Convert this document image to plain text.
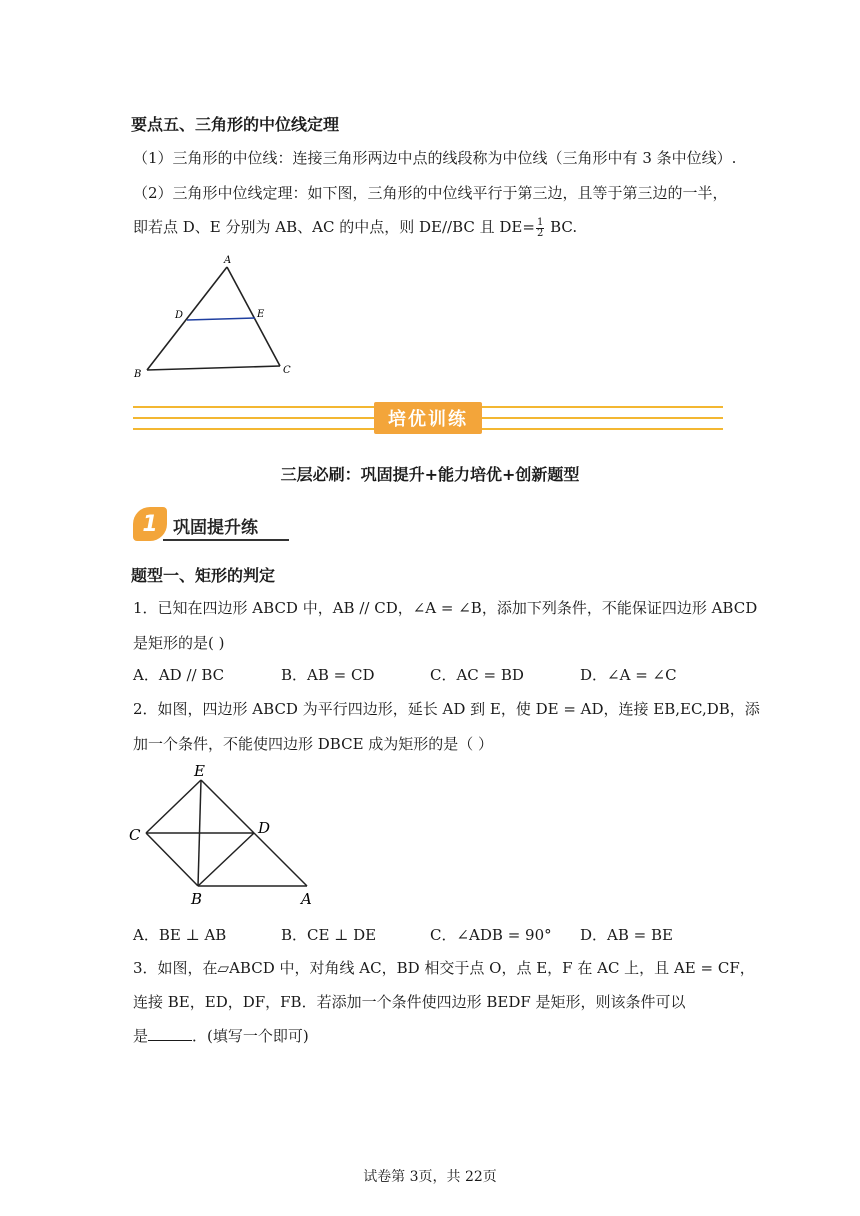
要点五、三角形的中位线定理
（1）三角形的中位线：连接三角形两边中点的线段称为中位线（三角形中有 3 条中位线）.
（2）三角形中位线定理：如下图，三角形的中位线平行于第三边，且等于第三边的一半，
即若点 D、E 分别为 AB、AC 的中点，则 DE//BC 且 $DE= \frac{1}{2}$ BC.
A
D	E
B	C
培优训练
三层必刷：巩固提升+能力培优+创新题型
1 巩固提升练
题型一、矩形的判定
1．已知在四边形 ABCD 中，AB // CD，∠A = ∠B，添加下列条件，不能保证四边形 ABCD
是矩形的是( )
A．AD // BC	B．AB = CD	C．AC = BD	D．∠A = ∠C
2．如图，四边形 ABCD 为平行四边形，延长 AD 到 E，使 DE = AD，连接 EB,EC,DB，添
加一个条件，不能使四边形 DBCE 成为矩形的是（ ）
E
C	D
B	A
A．BE ⊥ AB	B．CE ⊥ DE	C．∠ADB = 90° D．AB = BE
3．如图，在▱ABCD 中，对角线 AC，BD 相交于点 O，点 E，F 在 AC 上，且 AE = CF，
连接 BE，ED，DF，FB．若添加一个条件使四边形 BEDF 是矩形，则该条件可以
是	．(填写一个即可)
试卷第 3页，共 22页
